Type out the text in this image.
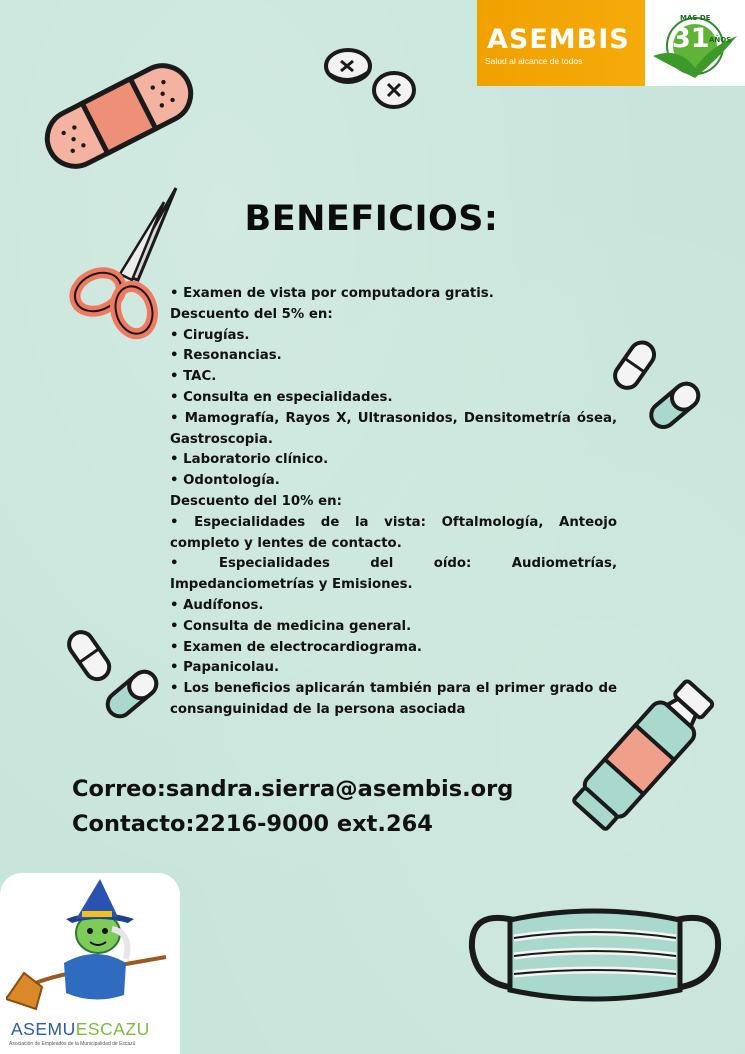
ASEMBIS
Salud al alcance de todos
MÁS DE
31 AÑOS
BENEFICIOS:

• Examen de vista por computadora gratis.

Descuento del 5% en:

• Cirugías.

• Resonancias.

• TAC.

• Consulta en especialidades.

• Mamografía, Rayos X, Ultrasonidos, Densitometría ósea, Gastroscopia.

• Laboratorio clínico.

• Odontología.

Descuento del 10% en:

• Especialidades de la vista: Oftalmología, Anteojo completo y lentes de contacto.

• Especialidades del oído: Audiometrías, Impedanciometrías y Emisiones.

• Audífonos.

• Consulta de medicina general.

• Examen de electrocardiograma.

• Papanicolau.

• Los beneficios aplicarán también para el primer grado de consanguinidad de la persona asociada

Correo:sandra.sierra@asembis.org
Contacto:2216-9000 ext.264
ASEMUESCAZU
Asociación de Empleados de la Municipalidad de Escazú
